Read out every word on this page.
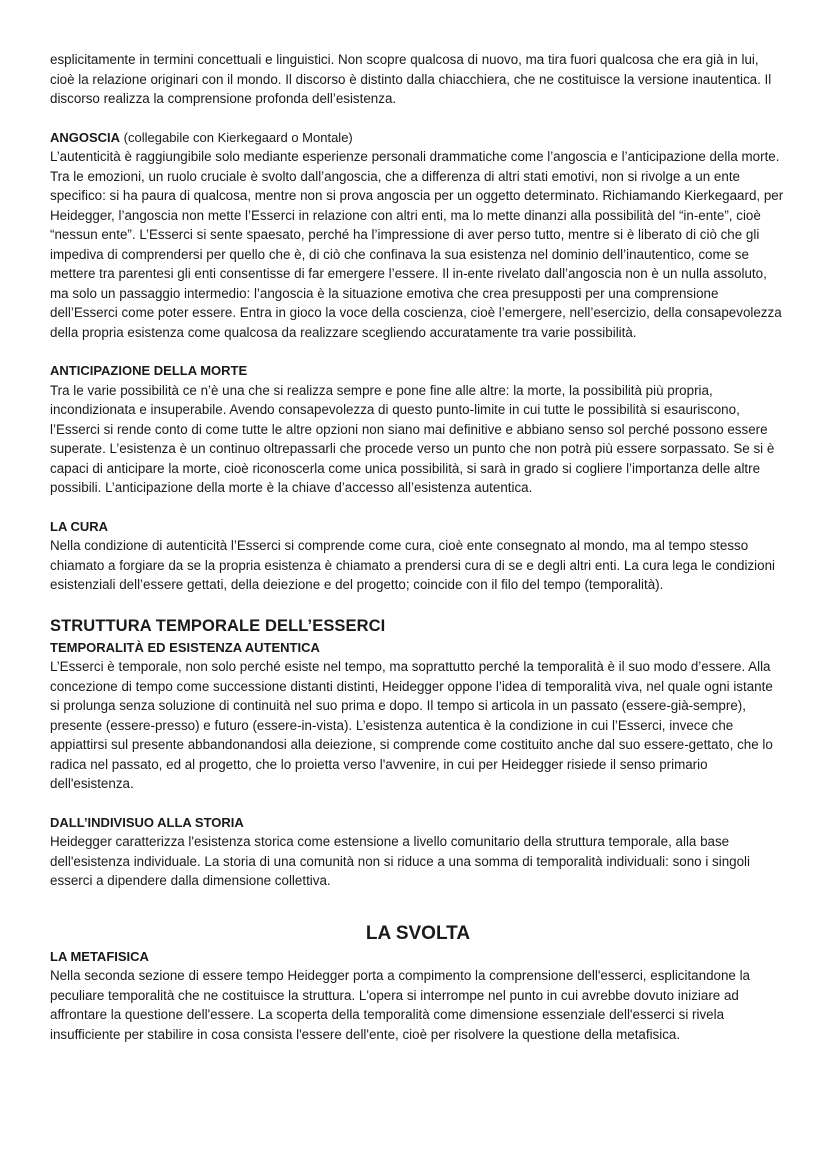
esplicitamente in termini concettuali e linguistici. Non scopre qualcosa di nuovo, ma tira fuori qualcosa che era già in lui, cioè la relazione originari con il mondo. Il discorso è distinto dalla chiacchiera, che ne costituisce la versione inautentica. Il discorso realizza la comprensione profonda dell’esistenza.

ANGOSCIA (collegabile con Kierkegaard o Montale)

L’autenticità è raggiungibile solo mediante esperienze personali drammatiche come l’angoscia e l’anticipazione della morte. Tra le emozioni, un ruolo cruciale è svolto dall’angoscia, che a differenza di altri stati emotivi, non si rivolge a un ente specifico: si ha paura di qualcosa, mentre non si prova angoscia per un oggetto determinato. Richiamando Kierkegaard, per Heidegger, l’angoscia non mette l’Esserci in relazione con altri enti, ma lo mette dinanzi alla possibilità del “in-ente”, cioè “nessun ente”. L’Esserci si sente spaesato, perché ha l’impressione di aver perso tutto, mentre si è liberato di ciò che gli impediva di comprendersi per quello che è, di ciò che confinava la sua esistenza nel dominio dell’inautentico, come se mettere tra parentesi gli enti consentisse di far emergere l’essere. Il in-ente rivelato dall’angoscia non è un nulla assoluto, ma solo un passaggio intermedio: l’angoscia è la situazione emotiva che crea presupposti per una comprensione dell’Esserci come poter essere. Entra in gioco la voce della coscienza, cioè l’emergere, nell’esercizio, della consapevolezza della propria esistenza come qualcosa da realizzare scegliendo accuratamente tra varie possibilità.

ANTICIPAZIONE DELLA MORTE

Tra le varie possibilità ce n’è una che si realizza sempre e pone fine alle altre: la morte, la possibilità più propria, incondizionata e insuperabile. Avendo consapevolezza di questo punto-limite in cui tutte le possibilità si esauriscono, l’Esserci si rende conto di come tutte le altre opzioni non siano mai definitive e abbiano senso sol perché possono essere superate. L’esistenza è un continuo oltrepassarli che procede verso un punto che non potrà più essere sorpassato. Se si è capaci di anticipare la morte, cioè riconoscerla come unica possibilità, si sarà in grado si cogliere l’importanza delle altre possibili. L’anticipazione della morte è la chiave d’accesso all’esistenza autentica.

LA CURA

Nella condizione di autenticità l’Esserci si comprende come cura, cioè ente consegnato al mondo, ma al tempo stesso chiamato a forgiare da se la propria esistenza è chiamato a prendersi cura di se e degli altri enti. La cura lega le condizioni esistenziali dell’essere gettati, della deiezione e del progetto; coincide con il filo del tempo (temporalità).

STRUTTURA TEMPORALE DELL’ESSERCI

TEMPORALITÀ ED ESISTENZA AUTENTICA

L’Esserci è temporale, non solo perché esiste nel tempo, ma soprattutto perché la temporalità è il suo modo d’essere. Alla concezione di tempo come successione distanti distinti, Heidegger oppone l’idea di temporalità viva, nel quale ogni istante si prolunga senza soluzione di continuità nel suo prima e dopo. Il tempo si articola in un passato (essere-già-sempre), presente (essere-presso) e futuro (essere-in-vista). L’esistenza autentica è la condizione in cui l’Esserci, invece che appiattirsi sul presente abbandonandosi alla deiezione, si comprende come costituito anche dal suo essere-gettato, che lo radica nel passato, ed al progetto, che lo proietta verso l'avvenire, in cui per Heidegger risiede il senso primario dell'esistenza.

DALL’INDIVISUO ALLA STORIA

Heidegger caratterizza l'esistenza storica come estensione a livello comunitario della struttura temporale, alla base dell'esistenza individuale. La storia di una comunità non si riduce a una somma di temporalità individuali: sono i singoli esserci a dipendere dalla dimensione collettiva.

LA SVOLTA

LA METAFISICA

Nella seconda sezione di essere tempo Heidegger porta a compimento la comprensione dell'esserci, esplicitandone la peculiare temporalità che ne costituisce la struttura. L'opera si interrompe nel punto in cui avrebbe dovuto iniziare ad affrontare la questione dell'essere. La scoperta della temporalità come dimensione essenziale dell'esserci si rivela insufficiente per stabilire in cosa consista l'essere dell'ente, cioè per risolvere la questione della metafisica.
